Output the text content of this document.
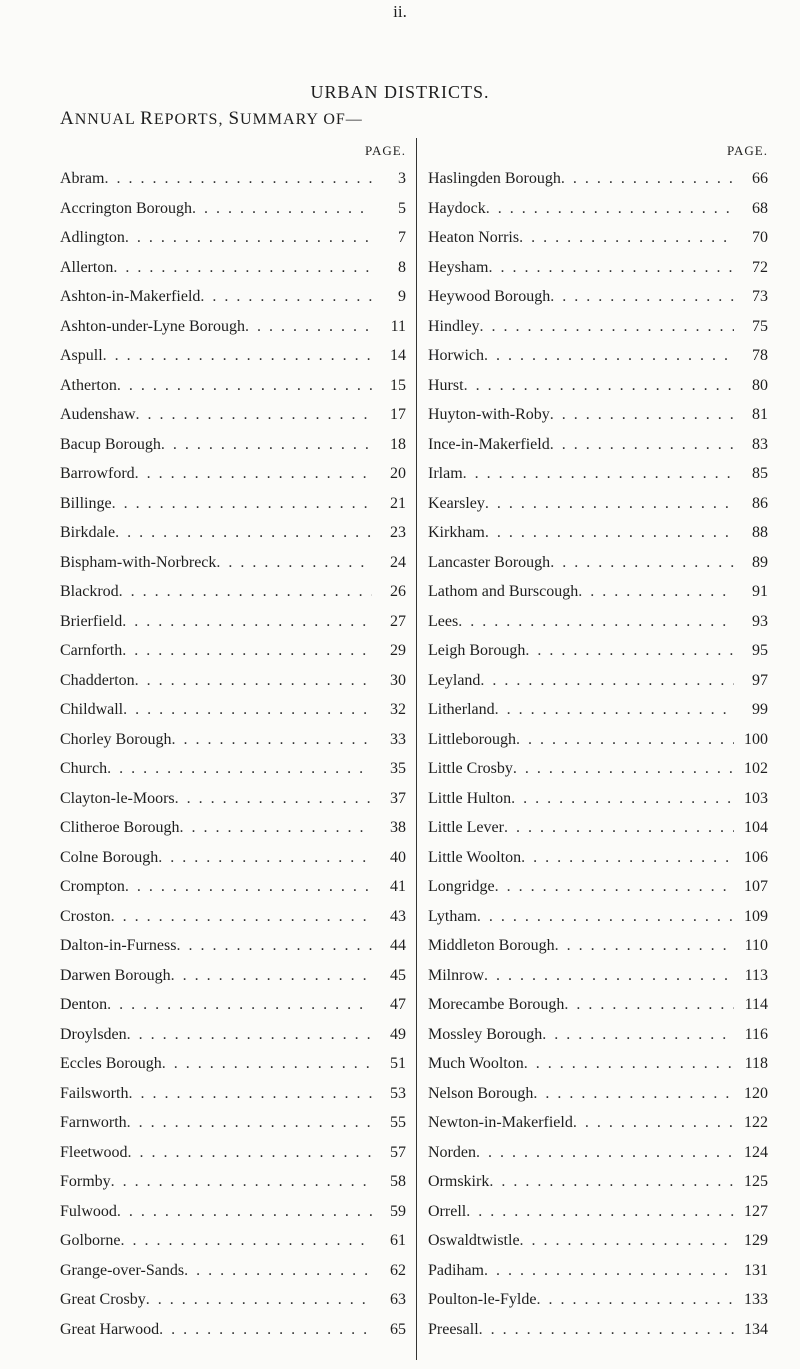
ii.
URBAN DISTRICTS.
ANNUAL REPORTS, SUMMARY OF—
PAGE.
Abram . . .	3
Accrington Borough . . .	5
Adlington . . .	7
Allerton . . .	8
Ashton-in-Makerfield . . .	9
Ashton-under-Lyne Borough . . .	11
Aspull . . .	14
Atherton . . .	15
Audenshaw . . .	17
Bacup Borough . . .	18
Barrowford . . .	20
Billinge . . .	21
Birkdale . . .	23
Bispham-with-Norbreck . . .	24
Blackrod . . .	26
Brierfield . . .	27
Carnforth . . .	29
Chadderton . . .	30
Childwall . . .	32
Chorley Borough . . .	33
Church . . .	35
Clayton-le-Moors . . .	37
Clitheroe Borough . . .	38
Colne Borough . . .	40
Crompton . . .	41
Croston . . .	43
Dalton-in-Furness . . .	44
Darwen Borough . . .	45
Denton . . .	47
Droylsden . . .	49
Eccles Borough . . .	51
Failsworth . . .	53
Farnworth . . .	55
Fleetwood . . .	57
Formby . . .	58
Fulwood . . .	59
Golborne . . .	61
Grange-over-Sands . . .	62
Great Crosby . . .	63
Great Harwood . . .	65
PAGE.
Haslingden Borough . . .	66
Haydock . . .	68
Heaton Norris . . .	70
Heysham . . .	72
Heywood Borough . . .	73
Hindley . . .	75
Horwich . . .	78
Hurst . . .	80
Huyton-with-Roby . . .	81
Ince-in-Makerfield . . .	83
Irlam . . .	85
Kearsley . . .	86
Kirkham . . .	88
Lancaster Borough . . .	89
Lathom and Burscough . . .	91
Lees . . .	93
Leigh Borough . . .	95
Leyland . . .	97
Litherland . . .	99
Littleborough . . .	100
Little Crosby . . .	102
Little Hulton . . .	103
Little Lever . . .	104
Little Woolton . . .	106
Longridge . . .	107
Lytham . . .	109
Middleton Borough . . .	110
Milnrow . . .	113
Morecambe Borough . . .	114
Mossley Borough . . .	116
Much Woolton . . .	118
Nelson Borough . . .	120
Newton-in-Makerfield . . .	122
Norden . . .	124
Ormskirk . . .	125
Orrell . . .	127
Oswaldtwistle . . .	129
Padiham . . .	131
Poulton-le-Fylde . . .	133
Preesall . . .	134
